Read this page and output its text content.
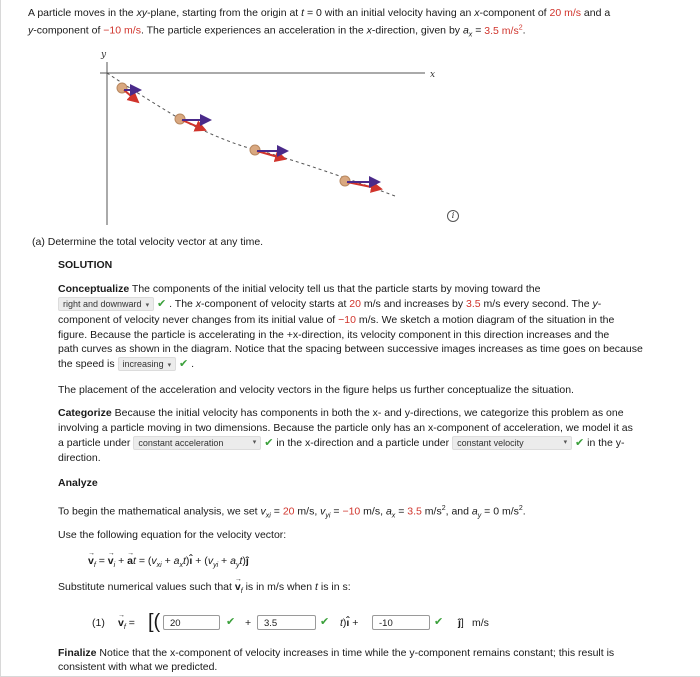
A particle moves in the xy-plane, starting from the origin at t = 0 with an initial velocity having an x-component of 20 m/s and a
y-component of −10 m/s. The particle experiences an acceleration in the x-direction, given by $a_x = 3.5$ $m/s^2$.
y
x
i
(a) Determine the total velocity vector at any time.
SOLUTION
Conceptualize The components of the initial velocity tell us that the particle starts by moving toward the
right and downward ▾ ✔ . The x-component of velocity starts at 20 m/s and increases by 3.5 m/s every second. The y-
component of velocity never changes from its initial value of −10 m/s. We sketch a motion diagram of the situation in the
figure. Because the particle is accelerating in the +x-direction, its velocity component in this direction increases and the
path curves as shown in the diagram. Notice that the spacing between successive images increases as time goes on because
the speed is increasing ▾ ✔ .
The placement of the acceleration and velocity vectors in the figure helps us further conceptualize the situation.
Categorize Because the initial velocity has components in both the x- and y-directions, we categorize this problem as one
involving a particle moving in two dimensions. Because the particle only has an x-component of acceleration, we model it as
a particle under constant acceleration	▾ ✔ in the x-direction and a particle under constant velocity	▾ ✔ in the y-
direction.
Analyze
To begin the mathematical analysis, we set $v_{xi} = 20$ m/s, $v_{yi} = -10$ m/s, $a_x = 3.5$ $m/s^2$, and $a_y = 0$ $m/s^2$.
Use the following equation for the velocity vector:
→ $v_f$ = → $v_i$ + → at = ($v_{xi}$ + $a_xt)ı̂ + (v_{yi}$ + $a_yt)ĵ$
Substitute numerical values such that → $v_f$ is in m/s when t is in s:
(1)
→ $v_f$ = [(	20	✔ +	3.5	✔ t)ı̂ +	-10	✔ ĵ] m/s
Finalize Notice that the x-component of velocity increases in time while the y-component remains constant; this result is
consistent with what we predicted.
